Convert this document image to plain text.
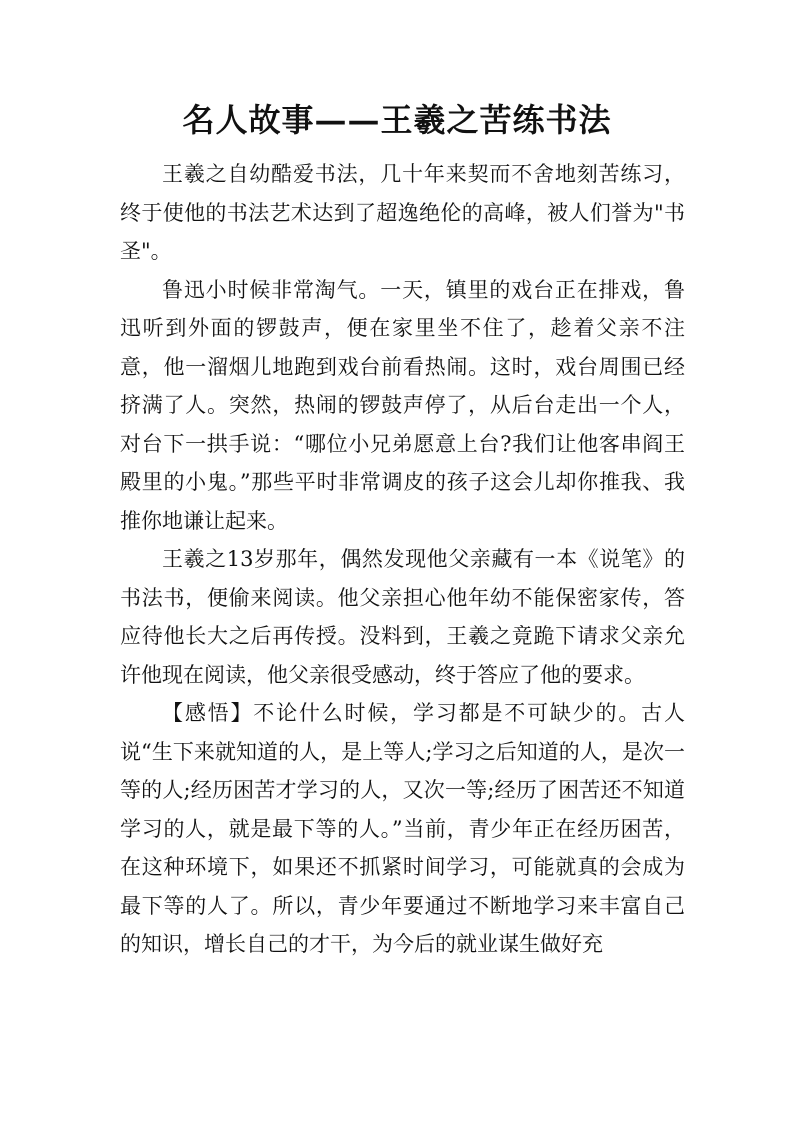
名人故事——王羲之苦练书法

王羲之自幼酷爱书法，几十年来契而不舍地刻苦练习，终于使他的书法艺术达到了超逸绝伦的高峰，被人们誉为"书圣"。

鲁迅小时候非常淘气。一天，镇里的戏台正在排戏，鲁迅听到外面的锣鼓声，便在家里坐不住了，趁着父亲不注意，他一溜烟儿地跑到戏台前看热闹。这时，戏台周围已经挤满了人。突然，热闹的锣鼓声停了，从后台走出一个人，对台下一拱手说：“哪位小兄弟愿意上台?我们让他客串阎王殿里的小鬼。”那些平时非常调皮的孩子这会儿却你推我、我推你地谦让起来。

王羲之13岁那年，偶然发现他父亲藏有一本《说笔》的书法书，便偷来阅读。他父亲担心他年幼不能保密家传，答应待他长大之后再传授。没料到，王羲之竟跪下请求父亲允许他现在阅读，他父亲很受感动，终于答应了他的要求。

【感悟】不论什么时候，学习都是不可缺少的。古人说“生下来就知道的人，是上等人;学习之后知道的人，是次一等的人;经历困苦才学习的人，又次一等;经历了困苦还不知道学习的人，就是最下等的人。”当前，青少年正在经历困苦，在这种环境下，如果还不抓紧时间学习，可能就真的会成为最下等的人了。所以，青少年要通过不断地学习来丰富自己的知识，增长自己的才干，为今后的就业谋生做好充
